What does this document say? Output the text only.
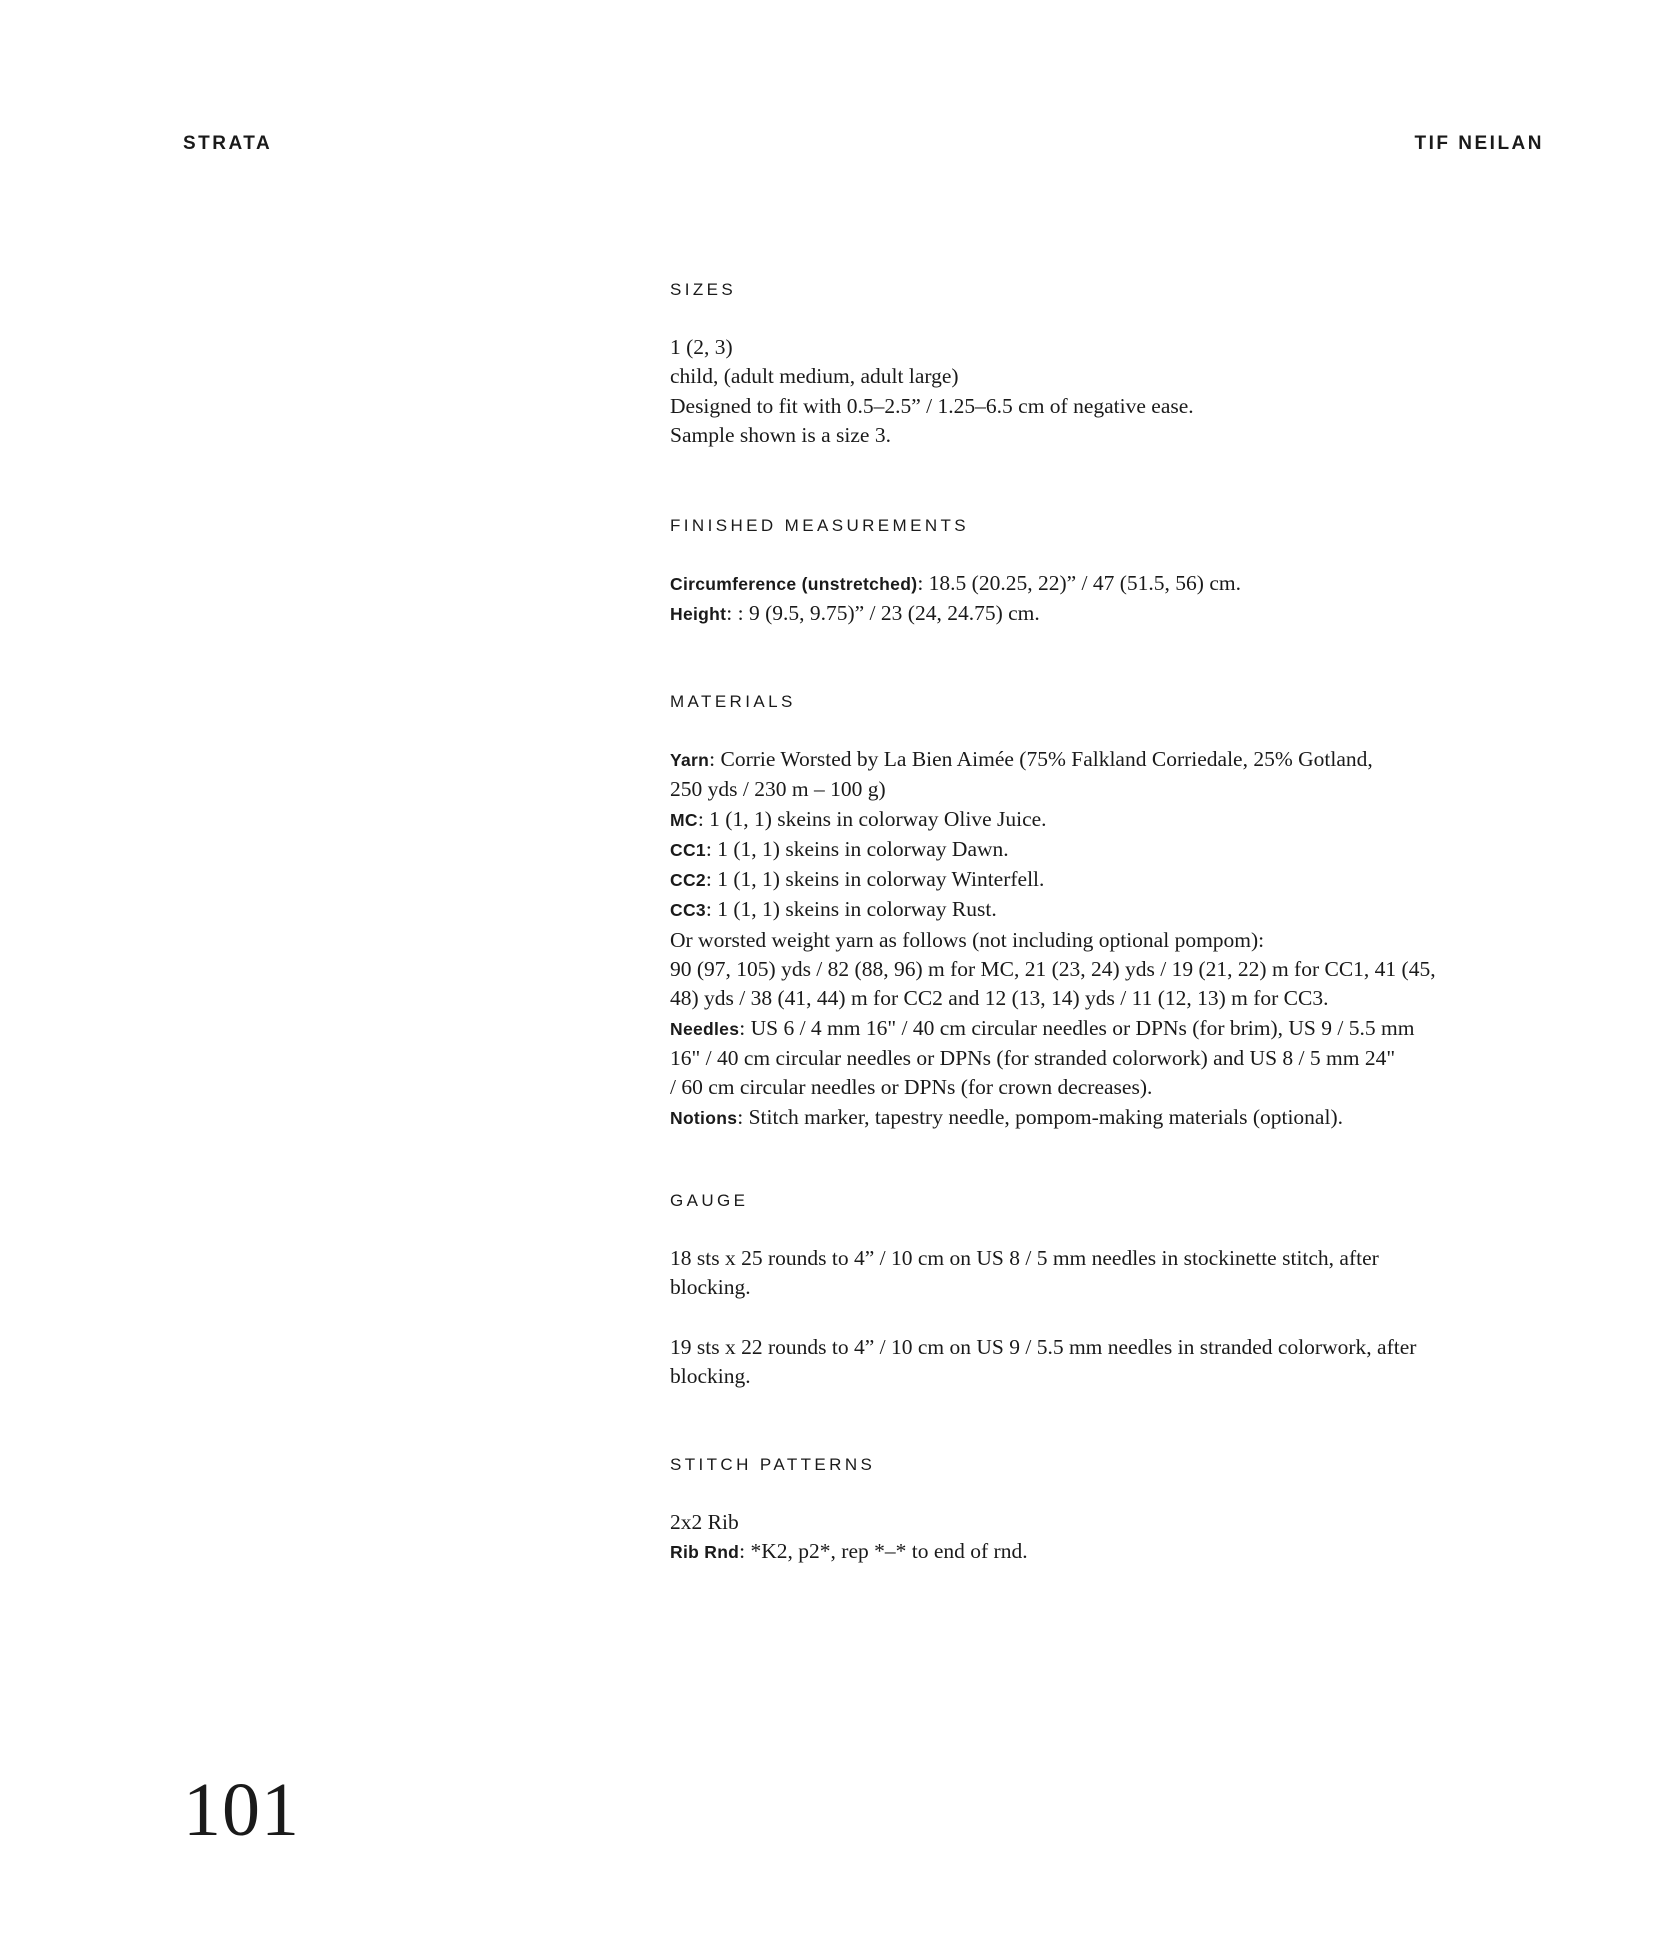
STRATA	TIF NEILAN
SIZES

1 (2, 3)

child, (adult medium, adult large)

Designed to fit with 0.5–2.5” / 1.25–6.5 cm of negative ease.

Sample shown is a size 3.

FINISHED MEASUREMENTS

Circumference (unstretched): 18.5 (20.25, 22)” / 47 (51.5, 56) cm.

Height: : 9 (9.5, 9.75)” / 23 (24, 24.75) cm.

MATERIALS

Yarn: Corrie Worsted by La Bien Aimée (75% Falkland Corriedale, 25% Gotland,

250 yds / 230 m – 100 g)

MC: 1 (1, 1) skeins in colorway Olive Juice.

CC1: 1 (1, 1) skeins in colorway Dawn.

CC2: 1 (1, 1) skeins in colorway Winterfell.

CC3: 1 (1, 1) skeins in colorway Rust.

Or worsted weight yarn as follows (not including optional pompom):

90 (97, 105) yds / 82 (88, 96) m for MC, 21 (23, 24) yds / 19 (21, 22) m for CC1, 41 (45,

48) yds / 38 (41, 44) m for CC2 and 12 (13, 14) yds / 11 (12, 13) m for CC3.

Needles: US 6 / 4 mm 16" / 40 cm circular needles or DPNs (for brim), US 9 / 5.5 mm

16" / 40 cm circular needles or DPNs (for stranded colorwork) and US 8 / 5 mm 24"

/ 60 cm circular needles or DPNs (for crown decreases).

Notions: Stitch marker, tapestry needle, pompom-making materials (optional).

GAUGE

18 sts x 25 rounds to 4” / 10 cm on US 8 / 5 mm needles in stockinette stitch, after

blocking.

19 sts x 22 rounds to 4” / 10 cm on US 9 / 5.5 mm needles in stranded colorwork, after

blocking.

STITCH PATTERNS

2x2 Rib

Rib Rnd: *K2, p2*, rep *–* to end of rnd.

101
